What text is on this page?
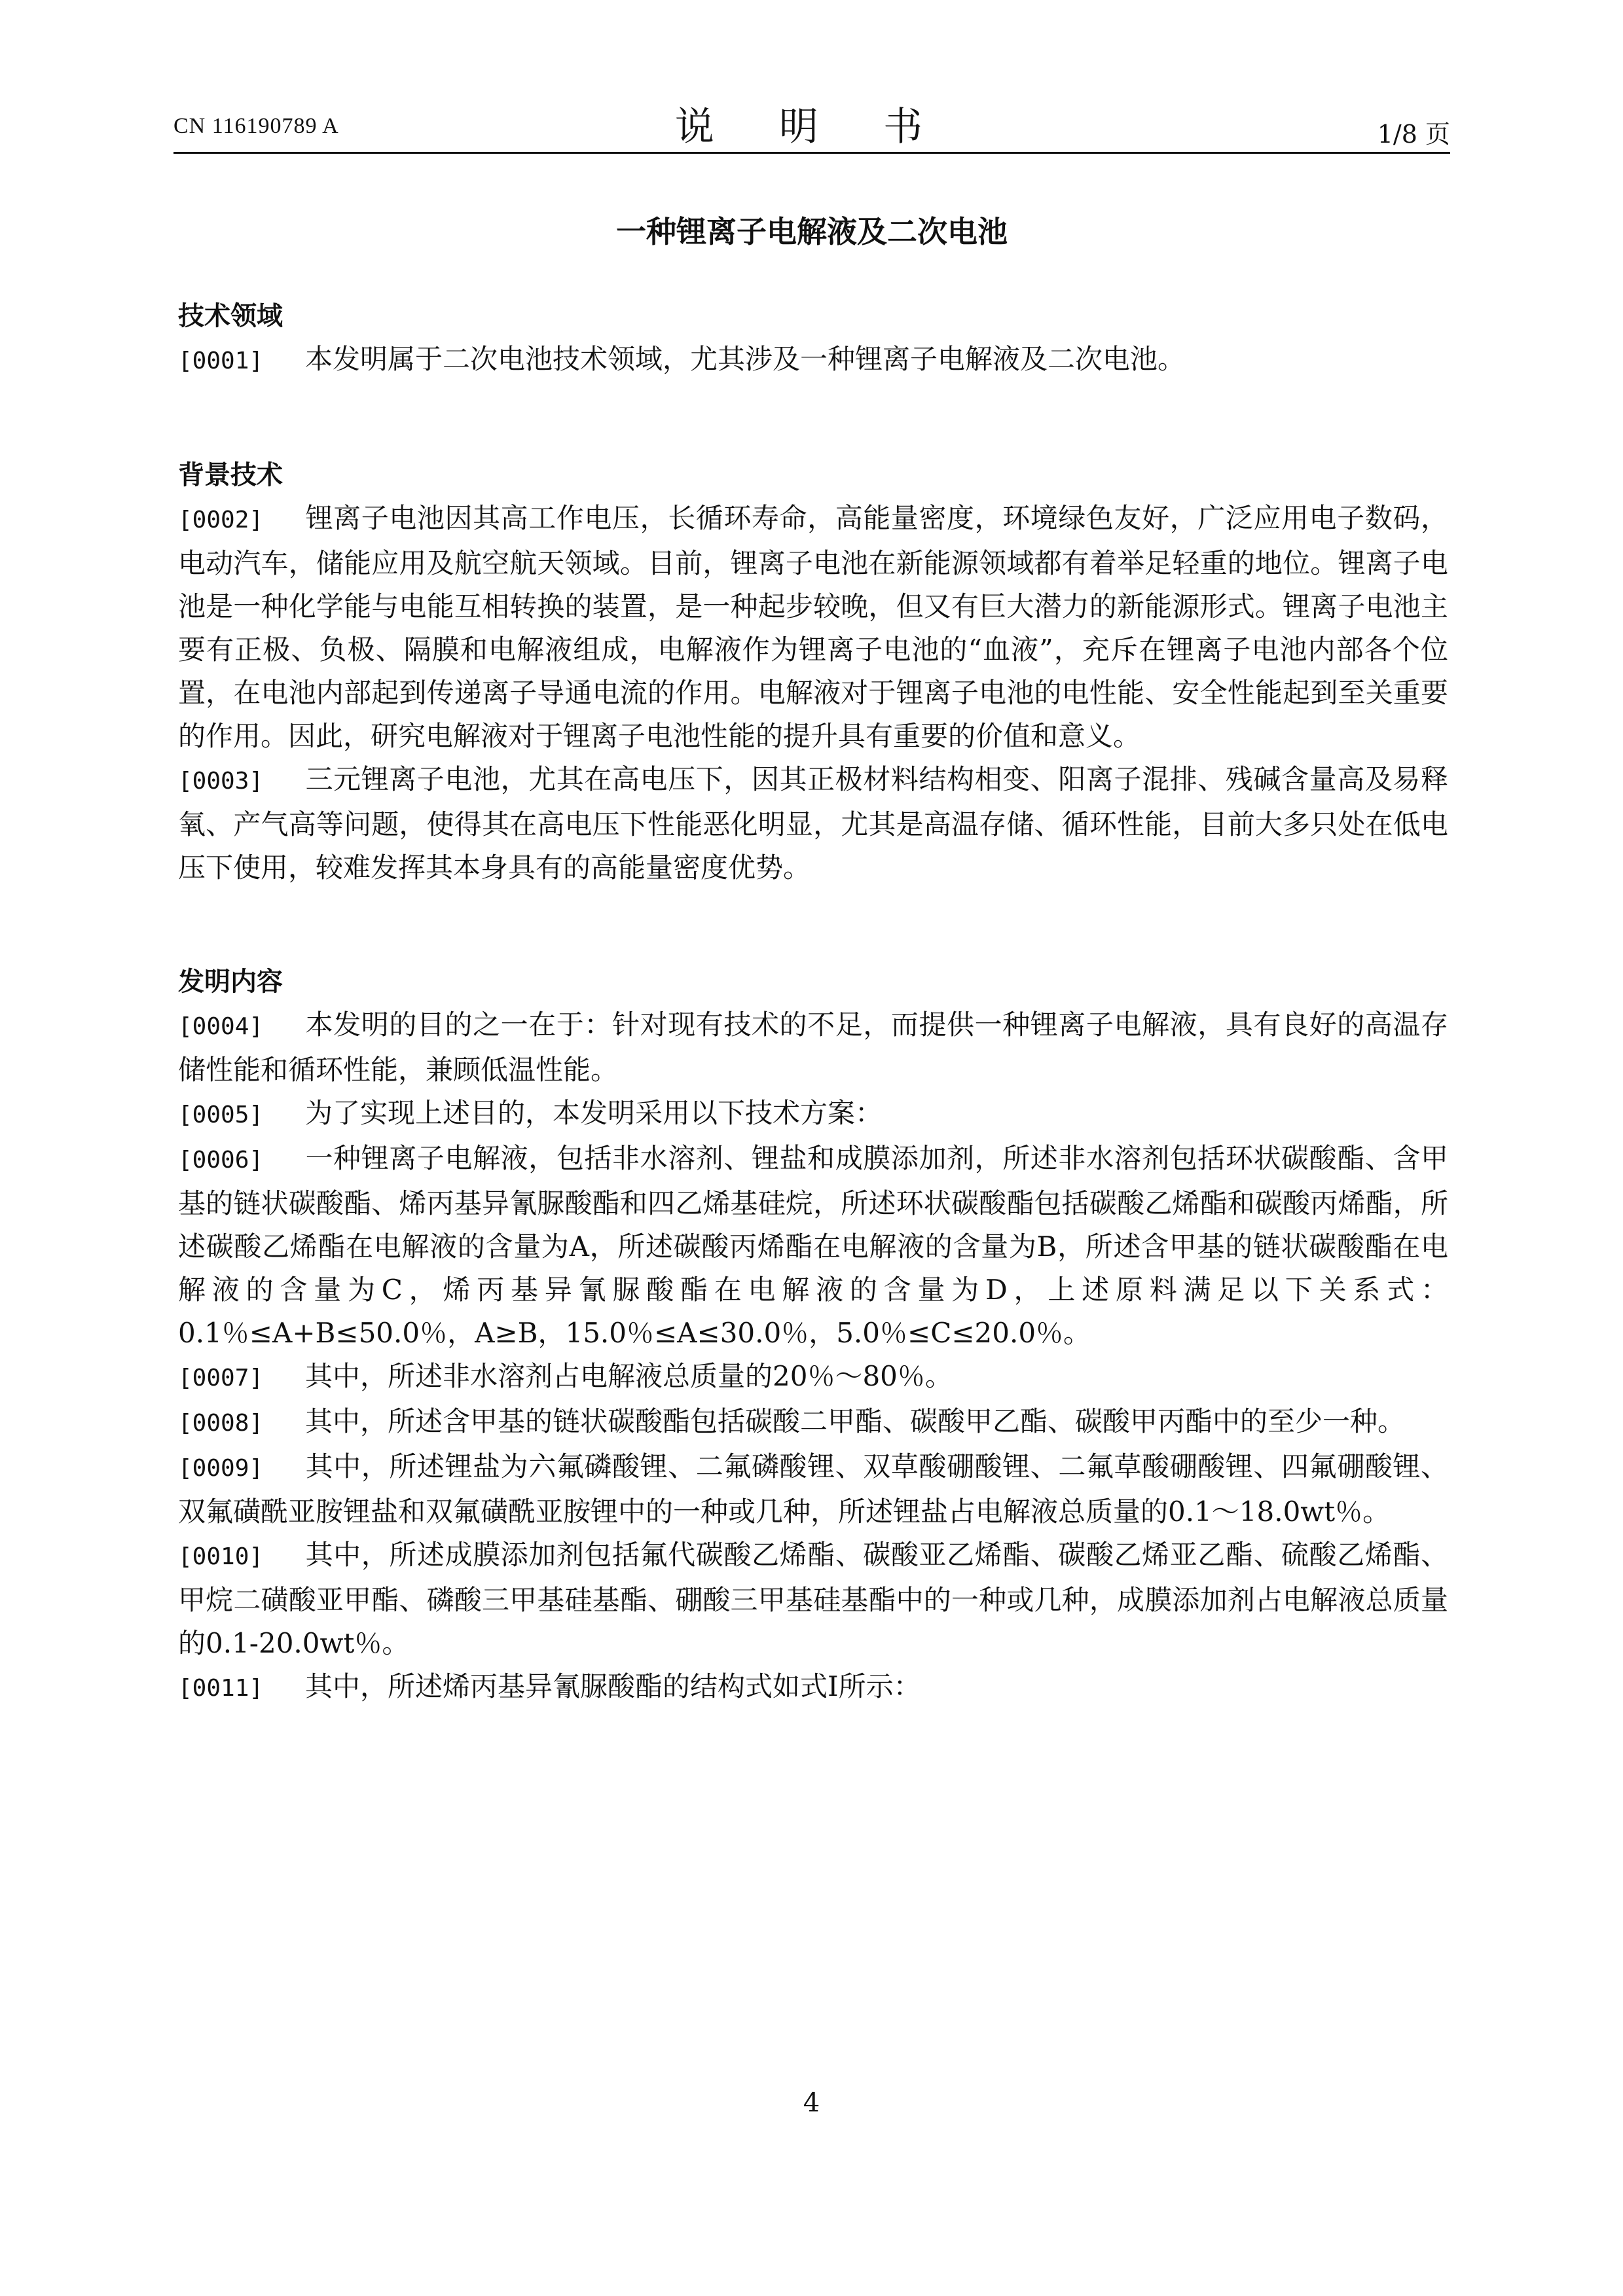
CN 116190789 A	说 明 书	1/8 页
一种锂离子电解液及二次电池
技术领域
[0001] 本发明属于二次电池技术领域，尤其涉及一种锂离子电解液及二次电池。
背景技术
[0002] 锂离子电池因其高工作电压，长循环寿命，高能量密度，环境绿色友好，广泛应用电子数码，电动汽车，储能应用及航空航天领域。目前，锂离子电池在新能源领域都有着举足轻重的地位。锂离子电池是一种化学能与电能互相转换的装置，是一种起步较晚，但又有巨大潜力的新能源形式。锂离子电池主要有正极、负极、隔膜和电解液组成，电解液作为锂离子电池的“血液”，充斥在锂离子电池内部各个位置，在电池内部起到传递离子导通电流的作用。电解液对于锂离子电池的电性能、安全性能起到至关重要的作用。因此，研究电解液对于锂离子电池性能的提升具有重要的价值和意义。
[0003] 三元锂离子电池，尤其在高电压下，因其正极材料结构相变、阳离子混排、残碱含量高及易释氧、产气高等问题，使得其在高电压下性能恶化明显，尤其是高温存储、循环性能，目前大多只处在低电压下使用，较难发挥其本身具有的高能量密度优势。
发明内容
[0004] 本发明的目的之一在于：针对现有技术的不足，而提供一种锂离子电解液，具有良好的高温存储性能和循环性能，兼顾低温性能。
[0005] 为了实现上述目的，本发明采用以下技术方案：
[0006] 一种锂离子电解液，包括非水溶剂、锂盐和成膜添加剂，所述非水溶剂包括环状碳酸酯、含甲基的链状碳酸酯、烯丙基异氰脲酸酯和四乙烯基硅烷，所述环状碳酸酯包括碳酸乙烯酯和碳酸丙烯酯，所述碳酸乙烯酯在电解液的含量为A，所述碳酸丙烯酯在电解液的含量为B，所述含甲基的链状碳酸酯在电解液的含量为C，烯丙基异氰脲酸酯在电解液的含量为D，上述原料满足以下关系式：0.1％≤A+B≤50.0％，A≥B，15.0％≤A≤30.0％，5.0％≤C≤20.0％。
[0007] 其中，所述非水溶剂占电解液总质量的20％～80％。
[0008] 其中，所述含甲基的链状碳酸酯包括碳酸二甲酯、碳酸甲乙酯、碳酸甲丙酯中的至少一种。
[0009] 其中，所述锂盐为六氟磷酸锂、二氟磷酸锂、双草酸硼酸锂、二氟草酸硼酸锂、四氟硼酸锂、双氟磺酰亚胺锂盐和双氟磺酰亚胺锂中的一种或几种，所述锂盐占电解液总质量的0.1～18.0wt％。
[0010] 其中，所述成膜添加剂包括氟代碳酸乙烯酯、碳酸亚乙烯酯、碳酸乙烯亚乙酯、硫酸乙烯酯、甲烷二磺酸亚甲酯、磷酸三甲基硅基酯、硼酸三甲基硅基酯中的一种或几种，成膜添加剂占电解液总质量的0.1-20.0wt％。
[0011] 其中，所述烯丙基异氰脲酸酯的结构式如式I所示：
4
